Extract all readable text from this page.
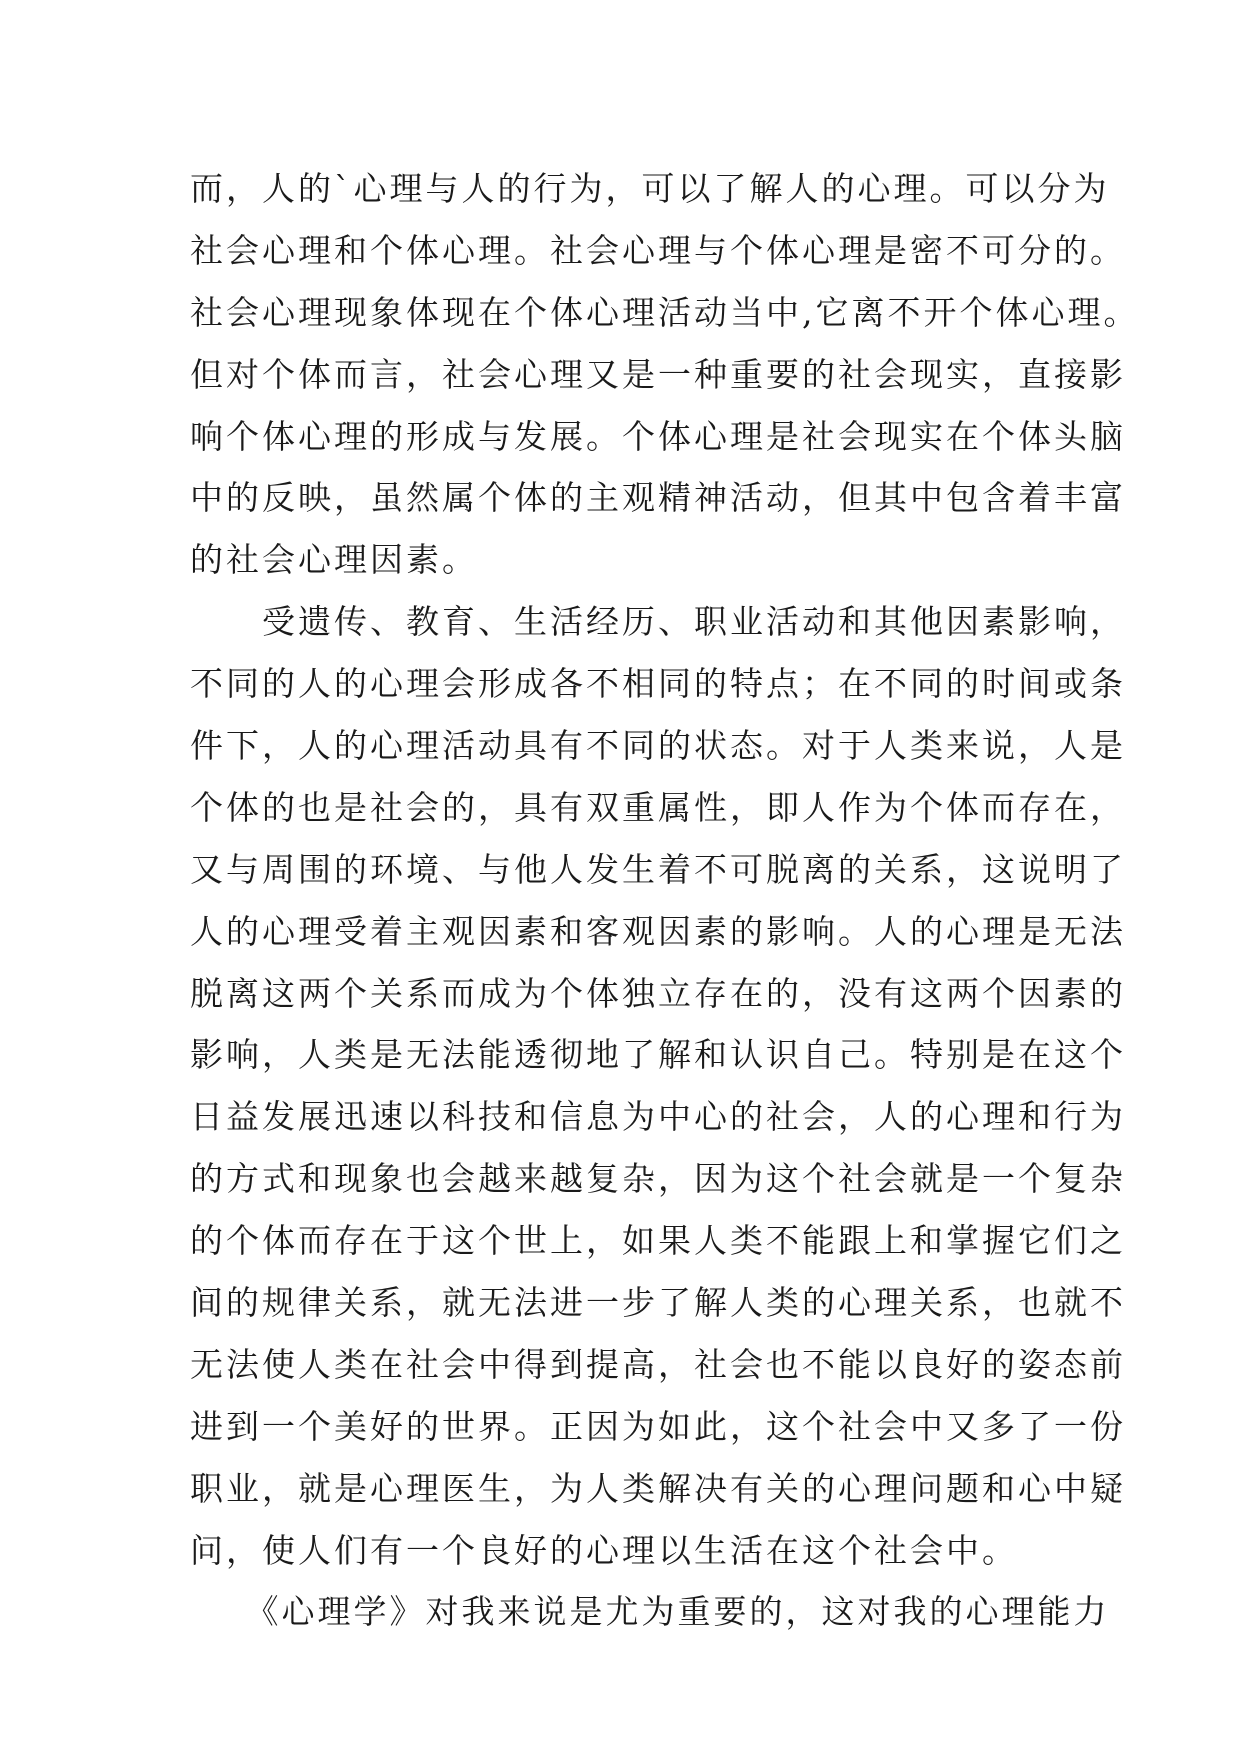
而，人的`心理与人的行为，可以了解人的心理。可以分为
社会心理和个体心理。社会心理与个体心理是密不可分的。
社会心理现象体现在个体心理活动当中,它离不开个体心理。
但对个体而言，社会心理又是一种重要的社会现实，直接影
响个体心理的形成与发展。个体心理是社会现实在个体头脑
中的反映，虽然属个体的主观精神活动，但其中包含着丰富
的社会心理因素。
　　受遗传、教育、生活经历、职业活动和其他因素影响，
不同的人的心理会形成各不相同的特点；在不同的时间或条
件下，人的心理活动具有不同的状态。对于人类来说，人是
个体的也是社会的，具有双重属性，即人作为个体而存在，
又与周围的环境、与他人发生着不可脱离的关系，这说明了
人的心理受着主观因素和客观因素的影响。人的心理是无法
脱离这两个关系而成为个体独立存在的，没有这两个因素的
影响，人类是无法能透彻地了解和认识自己。特别是在这个
日益发展迅速以科技和信息为中心的社会，人的心理和行为
的方式和现象也会越来越复杂，因为这个社会就是一个复杂
的个体而存在于这个世上，如果人类不能跟上和掌握它们之
间的规律关系，就无法进一步了解人类的心理关系，也就不
无法使人类在社会中得到提高，社会也不能以良好的姿态前
进到一个美好的世界。正因为如此，这个社会中又多了一份
职业，就是心理医生，为人类解决有关的心理问题和心中疑
问，使人们有一个良好的心理以生活在这个社会中。
　　《心理学》对我来说是尤为重要的，这对我的心理能力
